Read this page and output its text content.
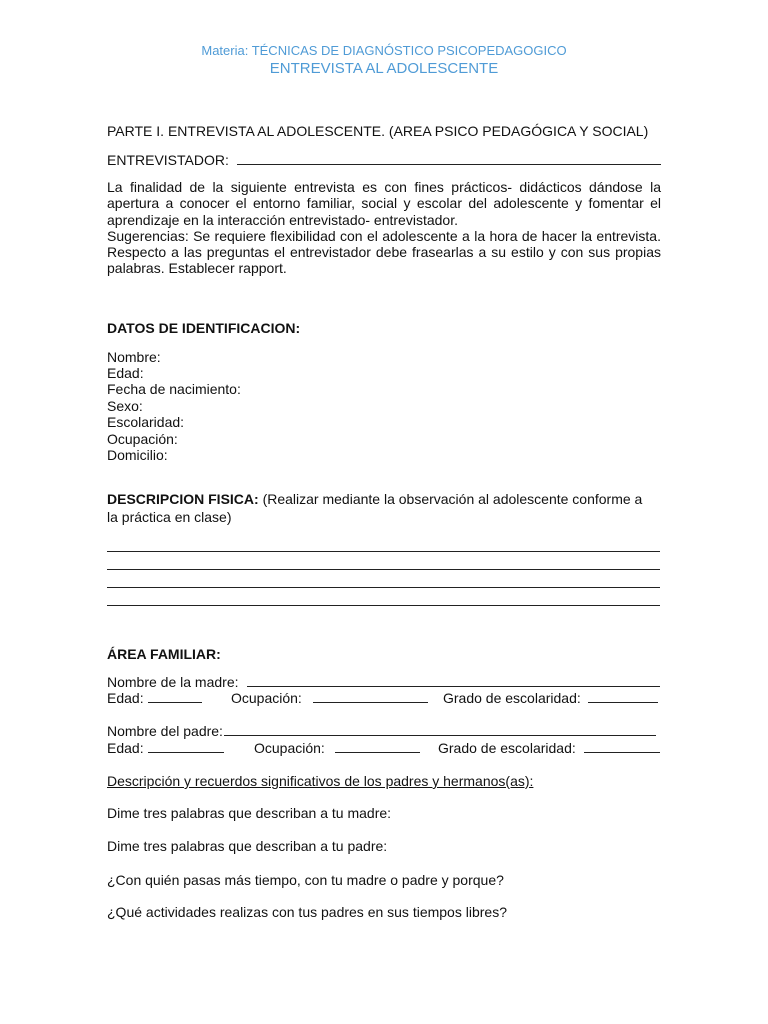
Materia: TÉCNICAS DE DIAGNÓSTICO PSICOPEDAGOGICO
ENTREVISTA AL ADOLESCENTE
PARTE I. ENTREVISTA AL ADOLESCENTE. (AREA PSICO PEDAGÓGICA Y SOCIAL)
ENTREVISTADOR:
La finalidad de la siguiente entrevista es con fines prácticos- didácticos dándose la
apertura a conocer el entorno familiar, social y escolar del adolescente y fomentar el
aprendizaje en la interacción entrevistado- entrevistador.
Sugerencias: Se requiere flexibilidad con el adolescente a la hora de hacer la entrevista.
Respecto a las preguntas el entrevistador debe frasearlas a su estilo y con sus propias
palabras. Establecer rapport.
DATOS DE IDENTIFICACION:
Nombre:
Edad:
Fecha de nacimiento:
Sexo:
Escolaridad:
Ocupación:
Domicilio:
DESCRIPCION FISICA: (Realizar mediante la observación al adolescente conforme a
la práctica en clase)
ÁREA FAMILIAR:
Nombre de la madre:
Edad:	Ocupación:	Grado de escolaridad:
Nombre del padre:
Edad:	Ocupación:	Grado de escolaridad:
Descripción y recuerdos significativos de los padres y hermanos(as):
Dime tres palabras que describan a tu madre:
Dime tres palabras que describan a tu padre:
¿Con quién pasas más tiempo, con tu madre o padre y porque?
¿Qué actividades realizas con tus padres en sus tiempos libres?
